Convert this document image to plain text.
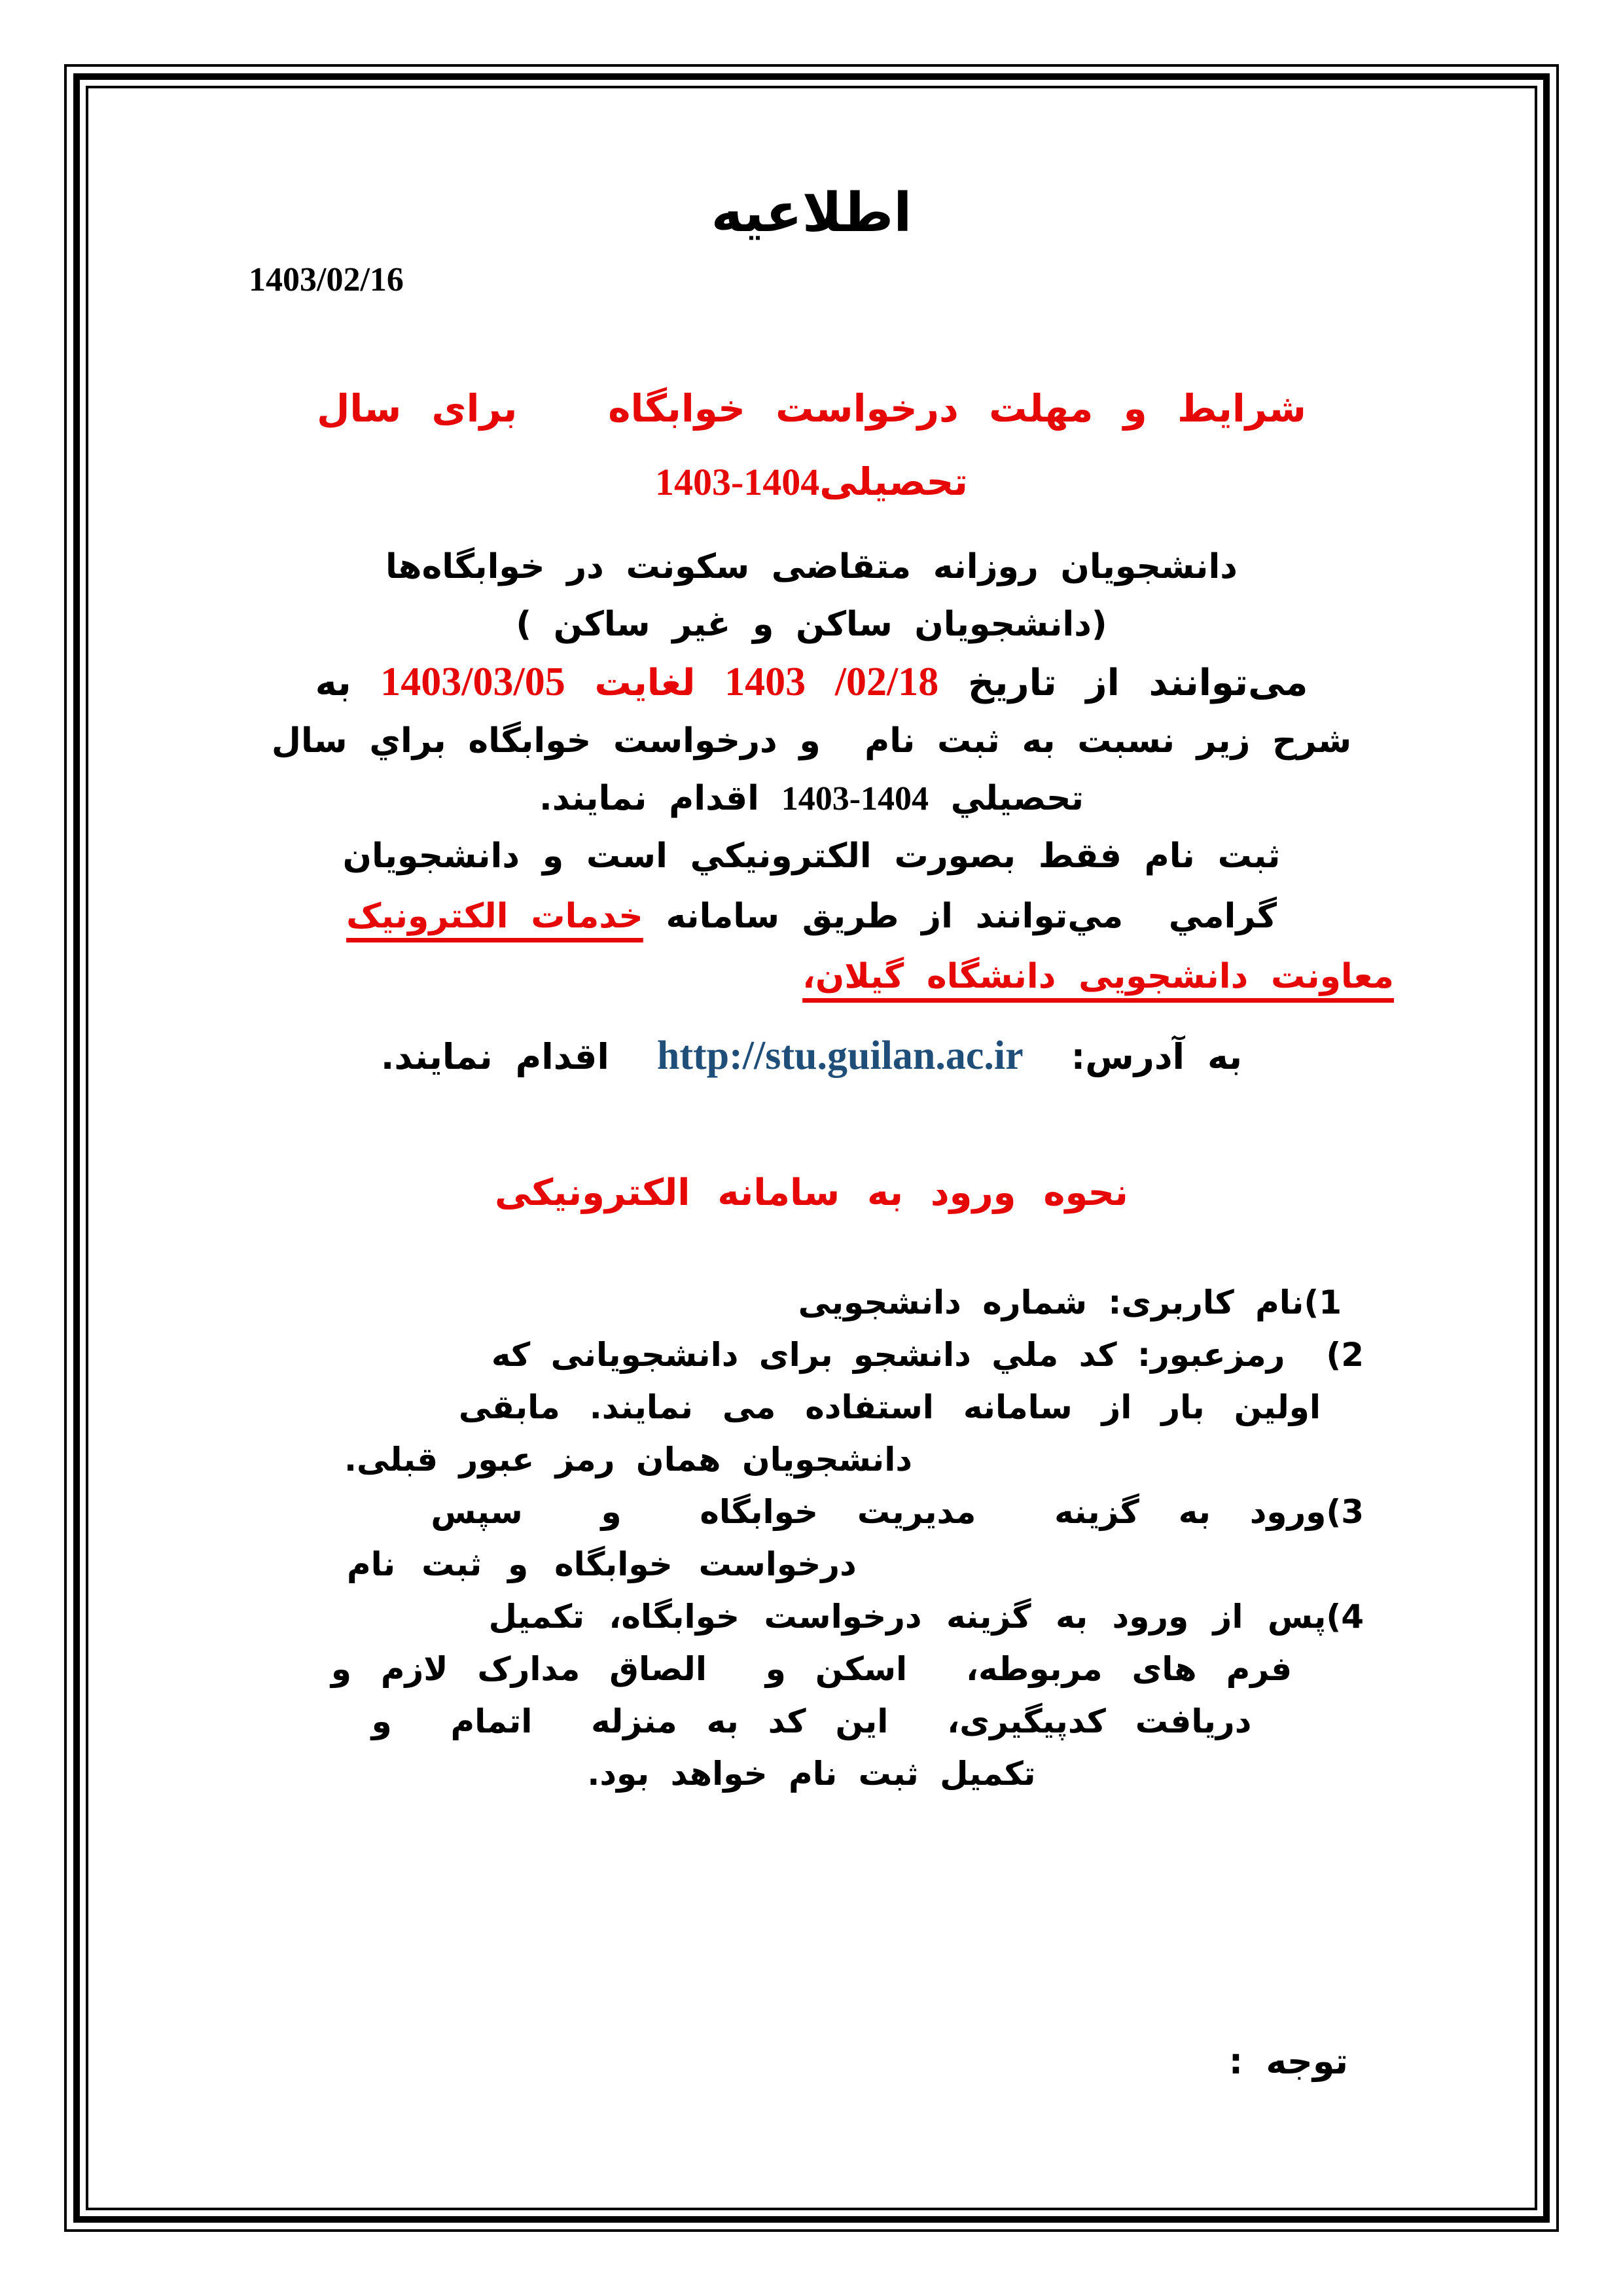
اطلاعیه
1403/02/16
شرایط و مهلت درخواست خوابگاه   برای سال
تحصیلی1403-1404
دانشجویان روزانه متقاضی سکونت در خوابگاه‌ها
(دانشجویان ساکن و غیر ساکن )
می‌توانند از تاریخ /02/18 1403 لغایت 1403/03/05 به
شرح زیر نسبت به ثبت نام  و درخواست خوابگاه براي سال
تحصيلي 1403-1404 اقدام نمایند.
ثبت نام فقط بصورت الکترونيکي است و دانشجویان
گرامي  مي‌توانند از طریق سامانه خدمات الکترونیک
معاونت دانشجویی دانشگاه گیلان،
به آدرس: http://stu.guilan.ac.ir اقدام نمایند.
نحوه ورود به سامانه الکترونیکی
1)نام کاربری: شماره دانشجویی
2)  رمزعبور: کد ملي دانشجو برای دانشجویانی که
اولین بار از سامانه استفاده می نمایند. مابقی
دانشجویان همان رمز عبور قبلی.
3)ورود به گزینه  مدیریت خوابگاه  و  سپس
درخواست خوابگاه و ثبت نام
4)پس از ورود به گزینه درخواست خوابگاه، تکمیل
فرم های مربوطه،  اسکن و  الصاق مدارک لازم و
دریافت کدپیگیری،  این کد به منزله  اتمام  و
تکمیل ثبت نام خواهد بود.
توجه :
